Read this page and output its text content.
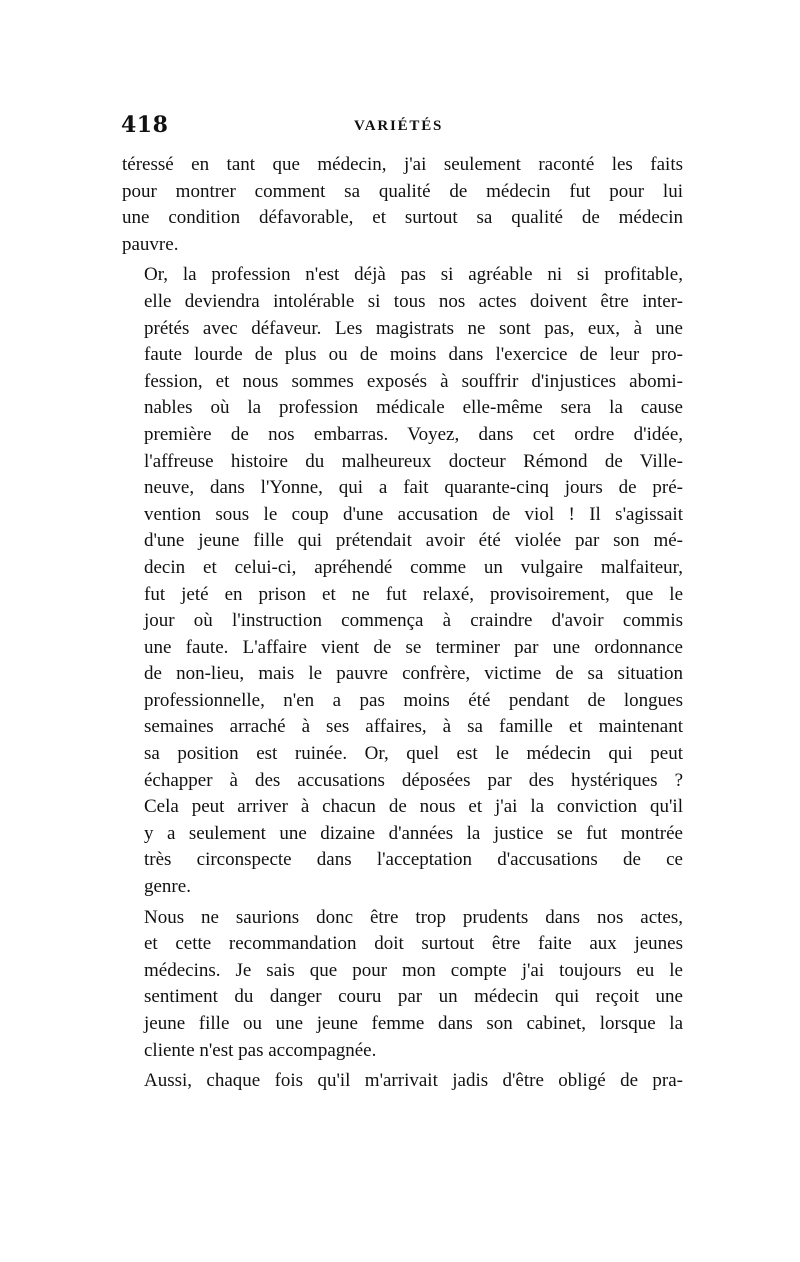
418	VARIÉTÉS

téressé en tant que médecin, j'ai seulement raconté les faits
pour montrer comment sa qualité de médecin fut pour lui
une condition défavorable, et surtout sa qualité de médecin
pauvre.

Or, la profession n'est déjà pas si agréable ni si profitable,
elle deviendra intolérable si tous nos actes doivent être inter-
prétés avec défaveur. Les magistrats ne sont pas, eux, à une
faute lourde de plus ou de moins dans l'exercice de leur pro-
fession, et nous sommes exposés à souffrir d'injustices abomi-
nables où la profession médicale elle-même sera la cause
première de nos embarras. Voyez, dans cet ordre d'idée,
l'affreuse histoire du malheureux docteur Rémond de Ville-
neuve, dans l'Yonne, qui a fait quarante-cinq jours de pré-
vention sous le coup d'une accusation de viol ! Il s'agissait
d'une jeune fille qui prétendait avoir été violée par son mé-
decin et celui-ci, apréhendé comme un vulgaire malfaiteur,
fut jeté en prison et ne fut relaxé, provisoirement, que le
jour où l'instruction commença à craindre d'avoir commis
une faute. L'affaire vient de se terminer par une ordonnance
de non-lieu, mais le pauvre confrère, victime de sa situation
professionnelle, n'en a pas moins été pendant de longues
semaines arraché à ses affaires, à sa famille et maintenant
sa position est ruinée. Or, quel est le médecin qui peut
échapper à des accusations déposées par des hystériques ?
Cela peut arriver à chacun de nous et j'ai la conviction qu'il
y a seulement une dizaine d'années la justice se fut montrée
très circonspecte dans l'acceptation d'accusations de ce
genre.

Nous ne saurions donc être trop prudents dans nos actes,
et cette recommandation doit surtout être faite aux jeunes
médecins. Je sais que pour mon compte j'ai toujours eu le
sentiment du danger couru par un médecin qui reçoit une
jeune fille ou une jeune femme dans son cabinet, lorsque la
cliente n'est pas accompagnée.

Aussi, chaque fois qu'il m'arrivait jadis d'être obligé de pra-
